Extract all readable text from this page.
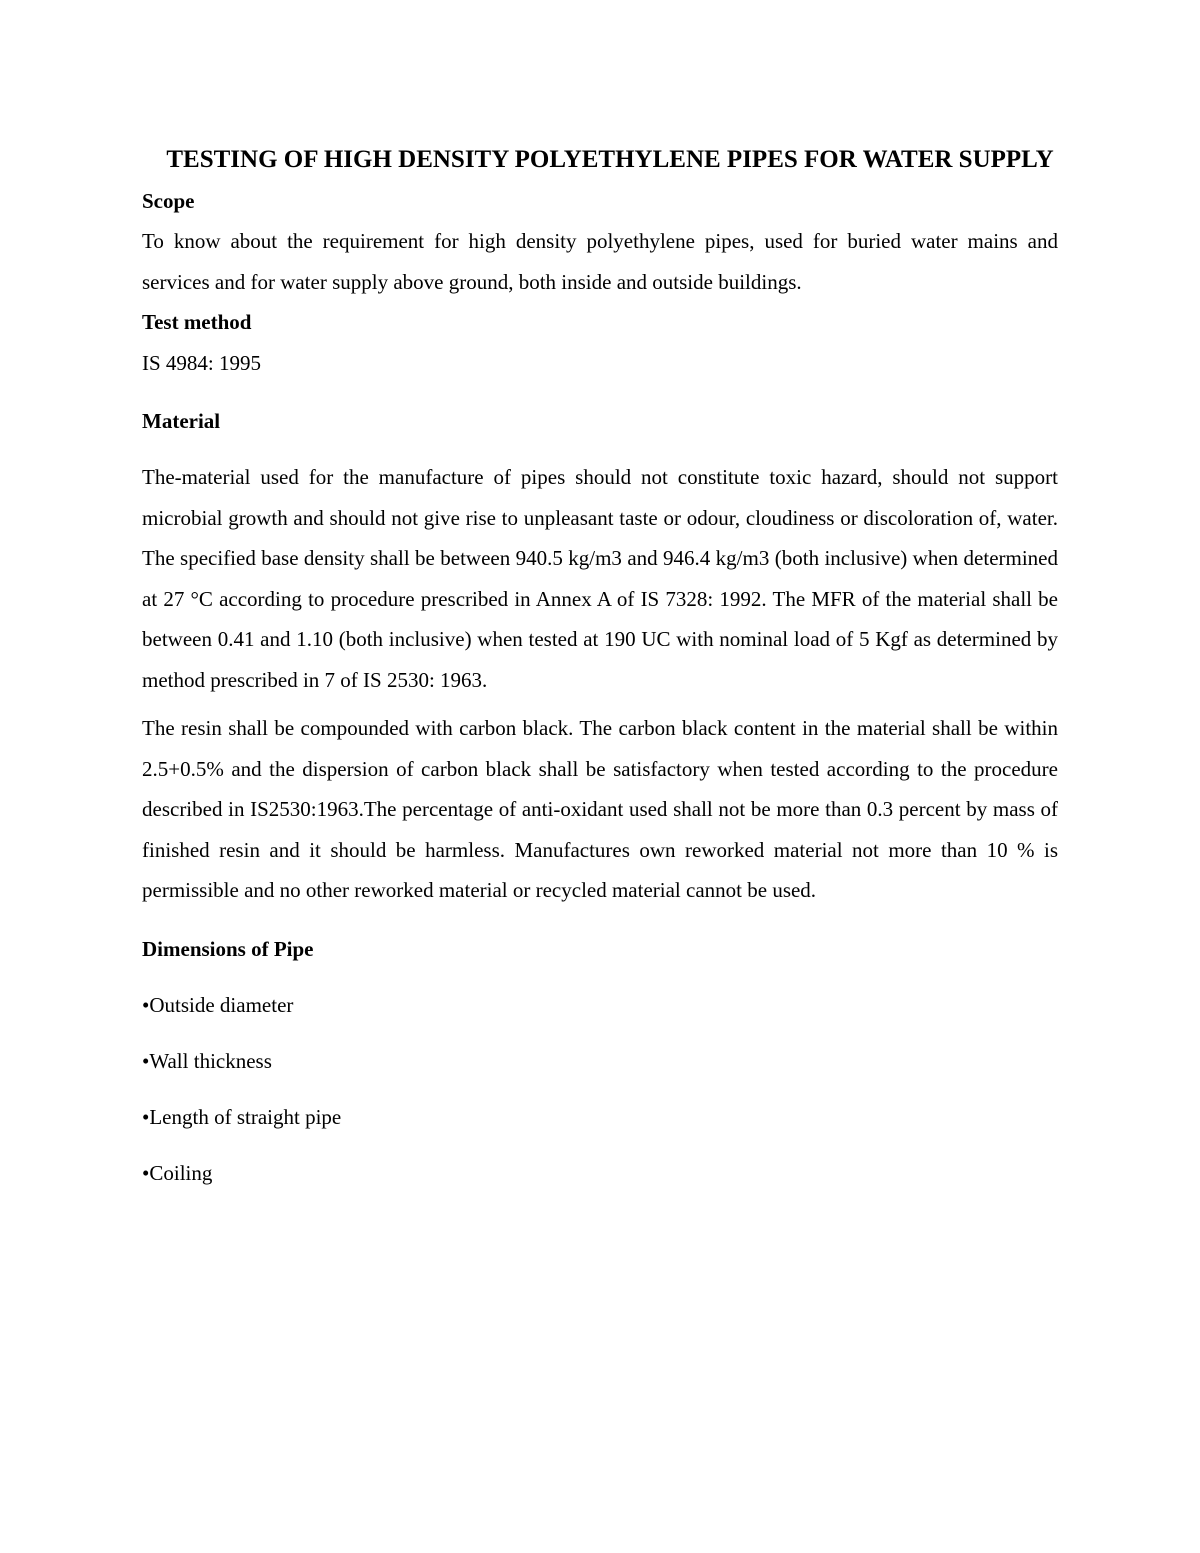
TESTING OF HIGH DENSITY POLYETHYLENE PIPES FOR WATER SUPPLY

Scope

To know about the requirement for high density polyethylene pipes, used for buried water mains and services and for water supply above ground, both inside and outside buildings.

Test method

IS 4984: 1995

Material

The-material used for the manufacture of pipes should not constitute toxic hazard, should not support microbial growth and should not give rise to unpleasant taste or odour, cloudiness or discoloration of, water. The specified base density shall be between 940.5 kg/m3 and 946.4 kg/m3 (both inclusive) when determined at 27 °C according to procedure prescribed in Annex A of IS 7328: 1992. The MFR of the material shall be between 0.41 and 1.10 (both inclusive) when tested at 190 UC with nominal load of 5 Kgf as determined by method prescribed in 7 of IS 2530: 1963.

The resin shall be compounded with carbon black. The carbon black content in the material shall be within 2.5+0.5% and the dispersion of carbon black shall be satisfactory when tested according to the procedure described in IS2530:1963.The percentage of anti-oxidant used shall not be more than 0.3 percent by mass of finished resin and it should be harmless. Manufactures own reworked material not more than 10 % is permissible and no other reworked material or recycled material cannot be used.

Dimensions of Pipe

•Outside diameter

•Wall thickness

•Length of straight pipe

•Coiling
